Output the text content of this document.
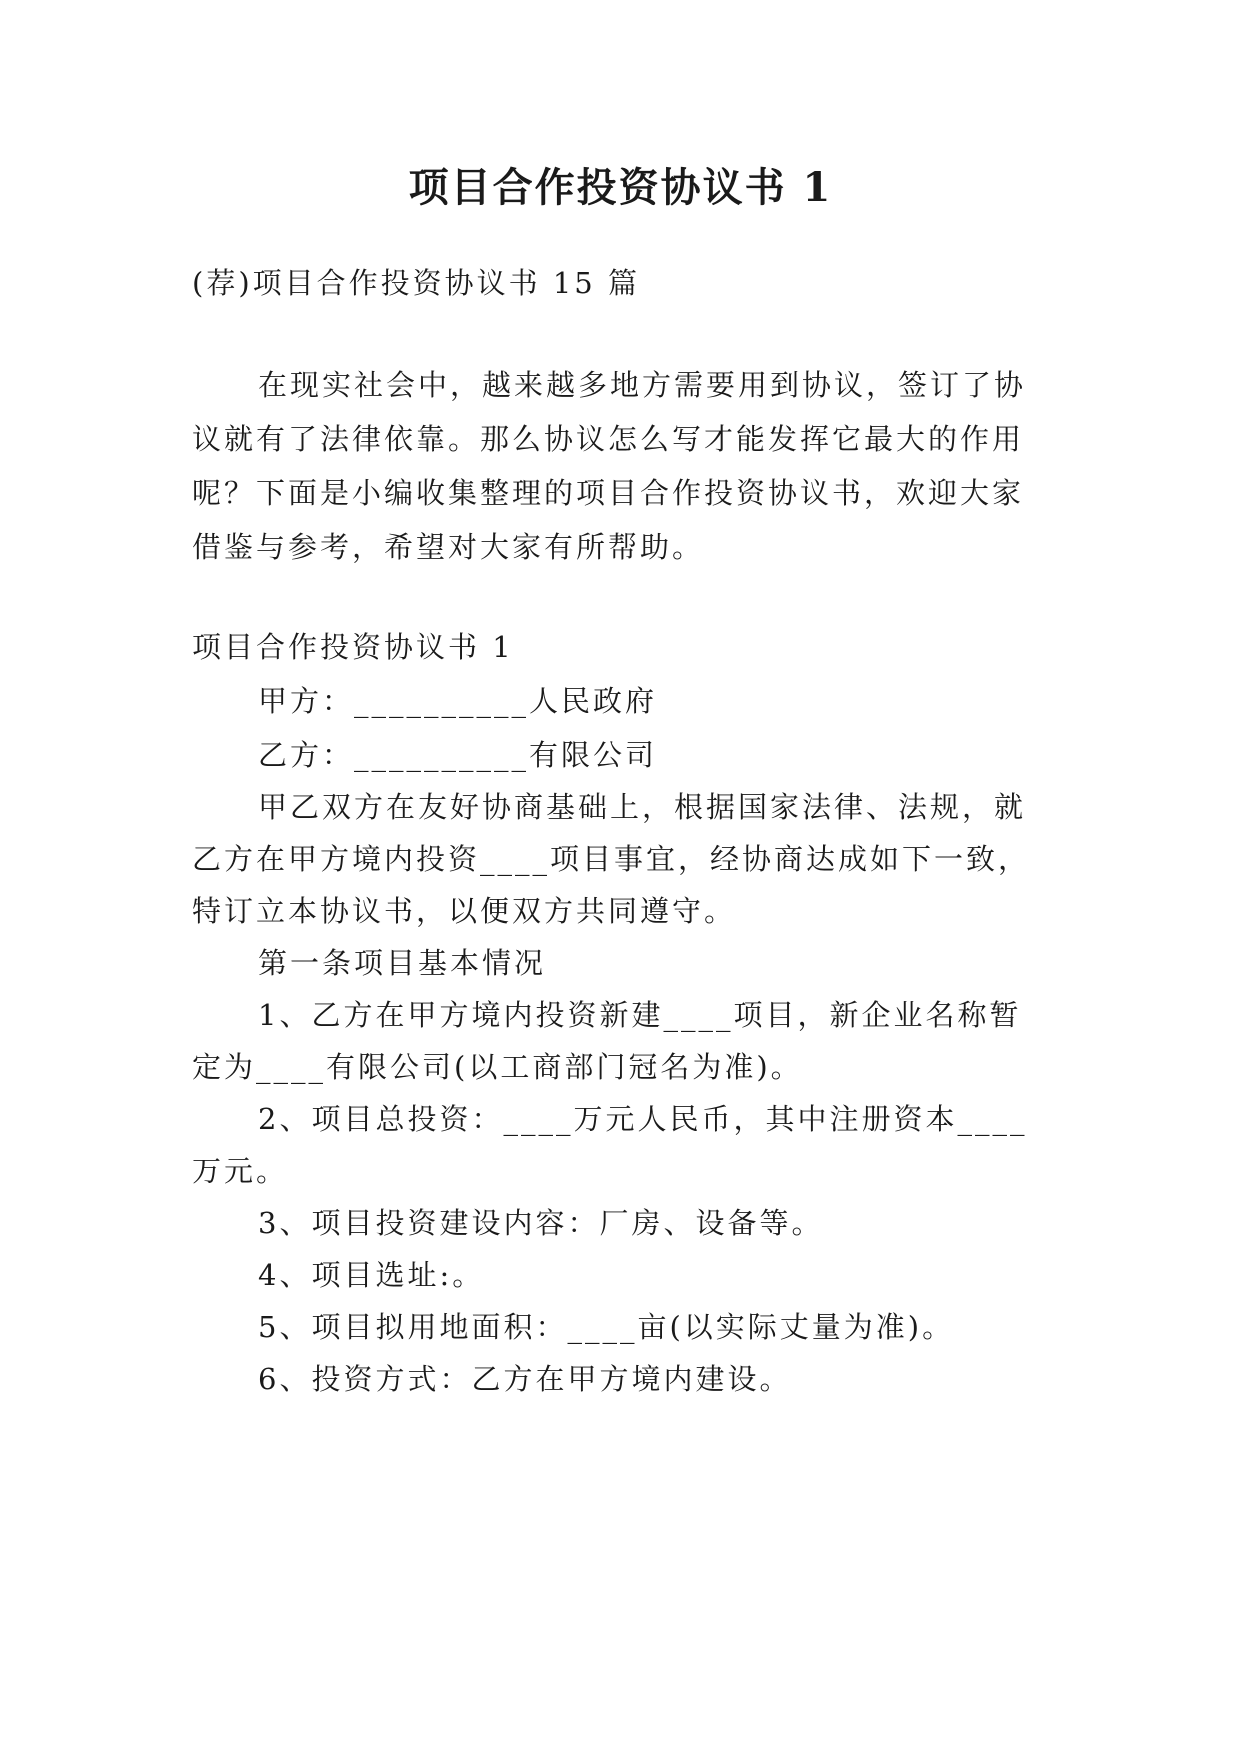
项目合作投资协议书 1

(荐)项目合作投资协议书 15 篇

在现实社会中，越来越多地方需要用到协议，签订了协

议就有了法律依靠。那么协议怎么写才能发挥它最大的作用

呢？下面是小编收集整理的项目合作投资协议书，欢迎大家

借鉴与参考，希望对大家有所帮助。

项目合作投资协议书 1

甲方：__________人民政府

乙方：__________有限公司

甲乙双方在友好协商基础上，根据国家法律、法规，就

乙方在甲方境内投资____项目事宜，经协商达成如下一致，

特订立本协议书，以便双方共同遵守。

第一条项目基本情况

1、乙方在甲方境内投资新建____项目，新企业名称暂

定为____有限公司(以工商部门冠名为准)。

2、项目总投资：____万元人民币，其中注册资本____

万元。

3、项目投资建设内容：厂房、设备等。

4、项目选址:。

5、项目拟用地面积：____亩(以实际丈量为准)。

6、投资方式：乙方在甲方境内建设。
